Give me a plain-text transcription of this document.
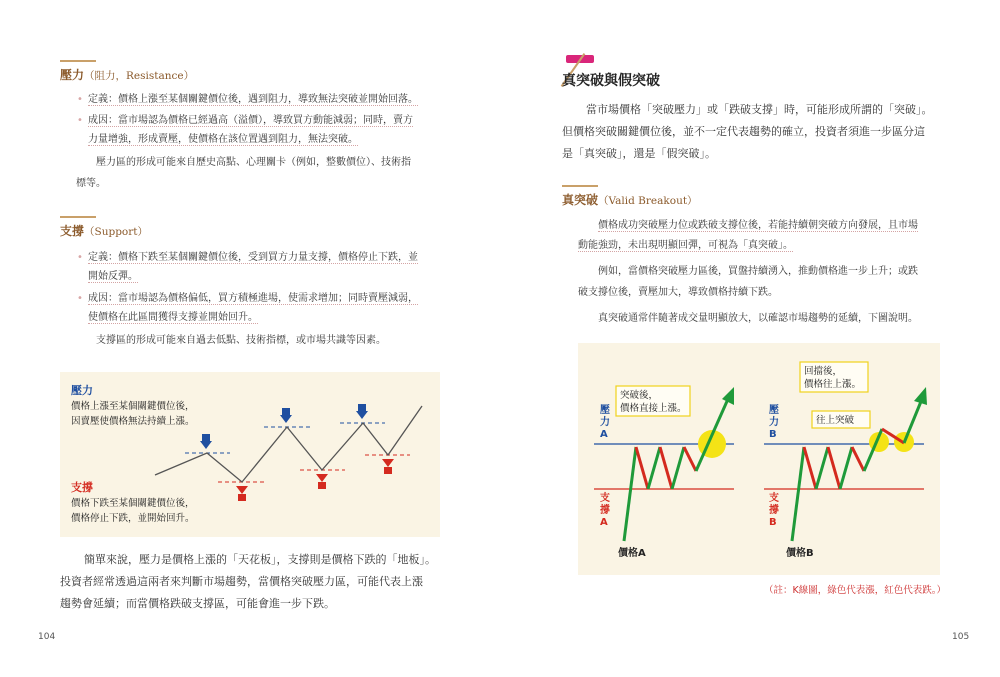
壓力（阻力，Resistance）
• 定義：價格上漲至某個關鍵價位後，遇到阻力，導致無法突破並開始回落。
• 成因：當市場認為價格已經過高（溢價），導致買方動能減弱；同時，賣方
力量增強，形成賣壓，使價格在該位置遇到阻力，無法突破。
壓力區的形成可能來自歷史高點、心理關卡（例如，整數價位）、技術指
標等。
支撐（Support）
• 定義：價格下跌至某個關鍵價位後，受到買方力量支撐，價格停止下跌，並
開始反彈。
• 成因：當市場認為價格偏低，買方積極進場，使需求增加；同時賣壓減弱，
使價格在此區間獲得支撐並開始回升。
支撐區的形成可能來自過去低點、技術指標，或市場共識等因素。
壓力
價格上漲至某個關鍵價位後，
因賣壓使價格無法持續上漲。
支撐
價格下跌至某個關鍵價位後，
價格停止下跌，並開始回升。
簡單來說，壓力是價格上漲的「天花板」，支撐則是價格下跌的「地板」。
投資者經常透過這兩者來判斷市場趨勢，當價格突破壓力區，可能代表上漲
趨勢會延續；而當價格跌破支撐區，可能會進一步下跌。
104
真突破與假突破
當市場價格「突破壓力」或「跌破支撐」時，可能形成所謂的「突破」。
但價格突破關鍵價位後，並不一定代表趨勢的確立，投資者須進一步區分這
是「真突破」，還是「假突破」。
真突破（Valid Breakout）
價格成功突破壓力位或跌破支撐位後，若能持續朝突破方向發展，且市場
動能強勁，未出現明顯回彈，可視為「真突破」。
例如，當價格突破壓力區後，買盤持續湧入，推動價格進一步上升；或跌
破支撐位後，賣壓加大，導致價格持續下跌。
真突破通常伴隨著成交量明顯放大，以確認市場趨勢的延續，下圖說明。
壓
力
A
支
撐
A
突破後，
價格直接上漲。
價格A
壓
力
B
支
撐
B
回擋後，
價格往上漲。
往上突破
價格B
（註：K線圖，綠色代表漲，紅色代表跌。）
105
